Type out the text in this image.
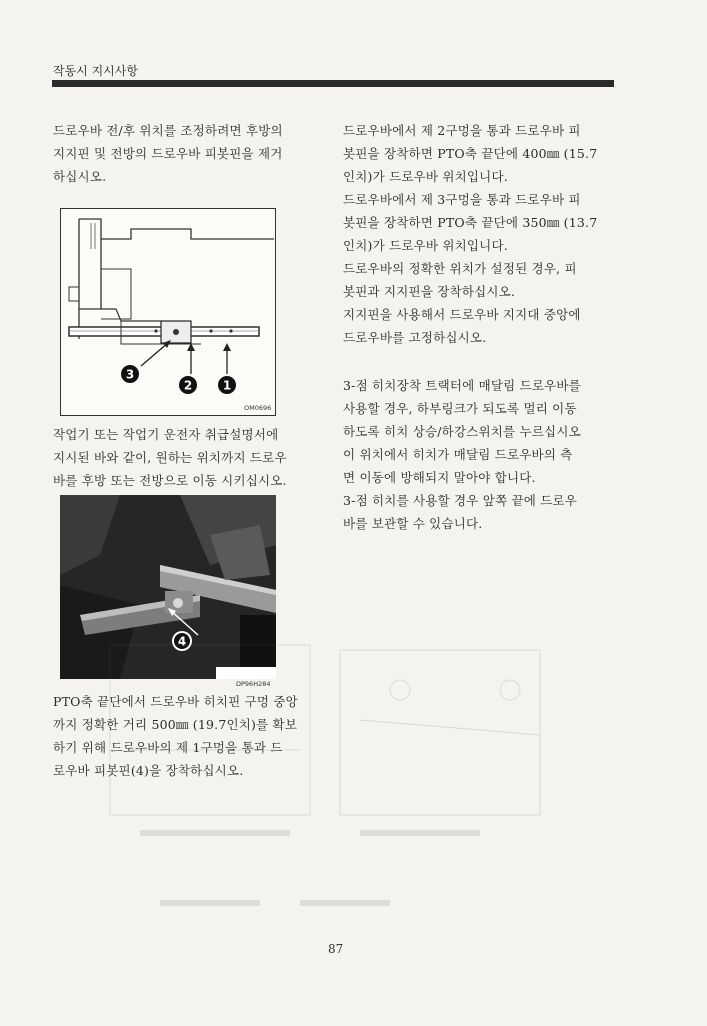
작동시 지시사항

드로우바 전/후 위치를 조정하려면 후방의
지지핀 및 전방의 드로우바 피봇핀을 제거
하십시오.

3
2	1
OM0696

작업기 또는 작업기 운전자 취급설명서에
지시된 바와 같이, 원하는 위치까지 드로우
바를 후방 또는 전방으로 이동 시키십시오.

4
DP96H284

PTO축 끝단에서 드로우바 히치핀 구멍 중앙
까지 정확한 거리 500㎜ (19.7인치)를 확보
하기 위해 드로우바의 제 1구멍을 통과 드
로우바 피봇핀(4)을 장착하십시오.

드로우바에서 제 2구멍을 통과 드로우바 피
봇핀을 장착하면 PTO축 끝단에 400㎜ (15.7
인치)가 드로우바 위치입니다.
드로우바에서 제 3구멍을 통과 드로우바 피
봇핀을 장착하면 PTO축 끝단에 350㎜ (13.7
인치)가 드로우바 위치입니다.
드로우바의 정확한 위치가 설정된 경우, 피
봇핀과 지지핀을 장착하십시오.
지지핀을 사용해서 드로우바 지지대 중앙에
드로우바를 고정하십시오.

3-점 히치장착 트랙터에 매달림 드로우바를
사용할 경우, 하부링크가 되도록 멀리 이동
하도록 히치 상승/하강스위치를 누르십시오
이 위치에서 히치가 매달림 드로우바의 측
면 이동에 방해되지 말아야 합니다.
3-점 히치를 사용할 경우 앞쪽 끝에 드로우
바를 보관할 수 있습니다.

87
